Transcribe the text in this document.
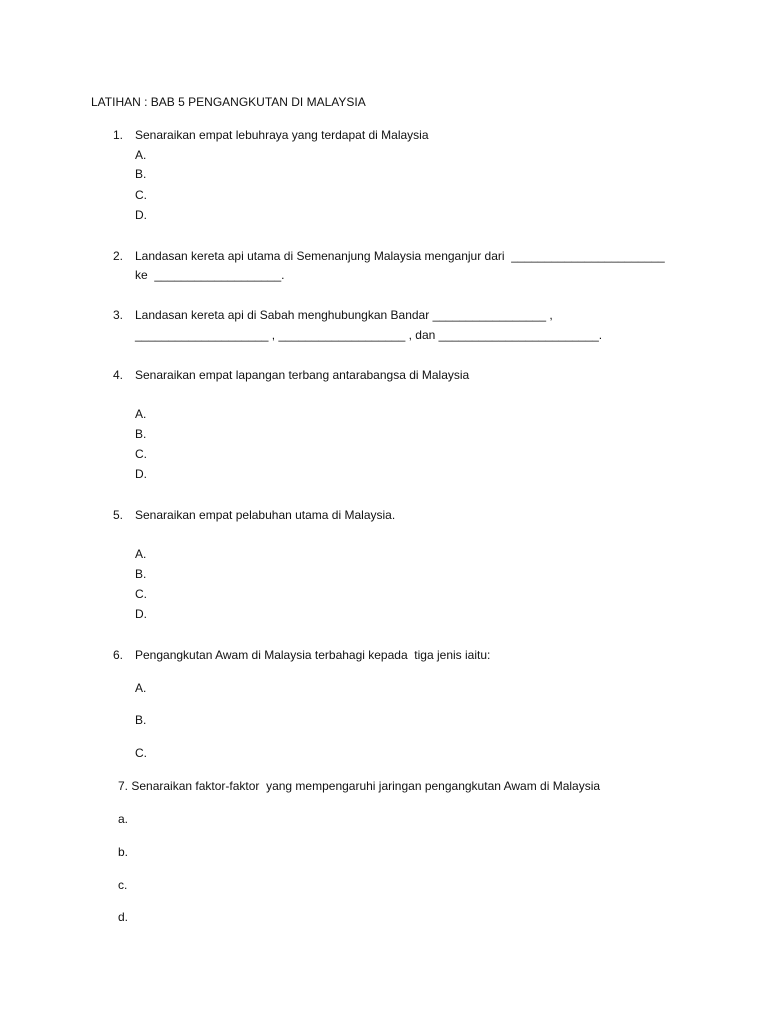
LATIHAN : BAB 5 PENGANGKUTAN DI MALAYSIA
1. Senaraikan empat lebuhraya yang terdapat di Malaysia
A.
B.
C.
D.
2. Landasan kereta api utama di Semenanjung Malaysia menganjur dari  _______________________
ke  ___________________.
3. Landasan kereta api di Sabah menghubungkan Bandar _________________ ,
____________________ , ___________________ , dan ________________________.
4. Senaraikan empat lapangan terbang antarabangsa di Malaysia
A.
B.
C.
D.
5. Senaraikan empat pelabuhan utama di Malaysia.
A.
B.
C.
D.
6. Pengangkutan Awam di Malaysia terbahagi kepada  tiga jenis iaitu:
A.
B.
C.
7. Senaraikan faktor-faktor  yang mempengaruhi jaringan pengangkutan Awam di Malaysia
a.
b.
c.
d.
